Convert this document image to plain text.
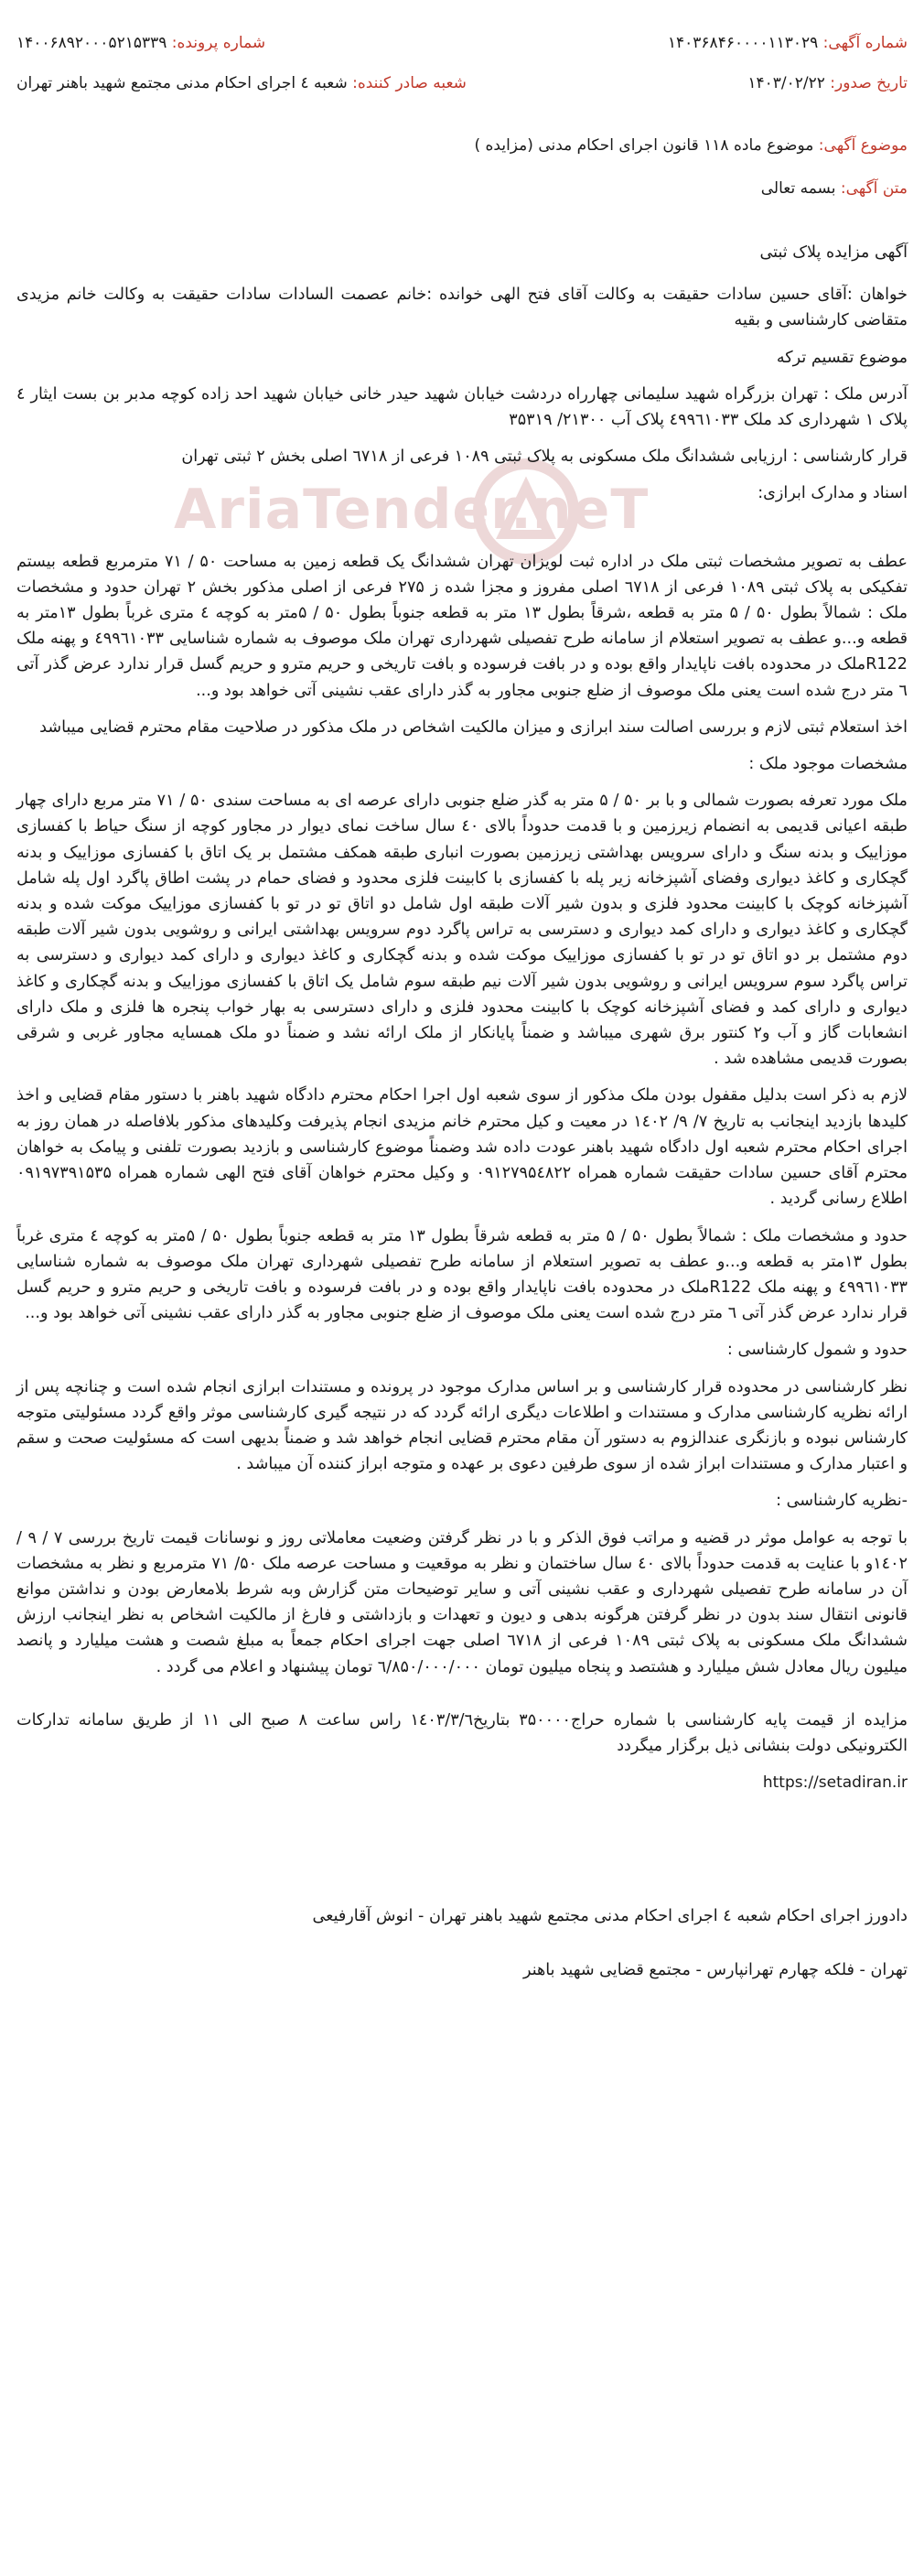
شماره آگهی: ۱۴۰۳۶۸۴۶۰۰۰۰۱۱۳۰۲۹
شماره پرونده: ۱۴۰۰۶۸۹۲۰۰۰۵۲۱۵۳۳۹
تاریخ صدور: ۱۴۰۳/۰۲/۲۲
شعبه صادر کننده: شعبه ٤ اجرای احکام مدنی مجتمع شهید باهنر تهران
موضوع آگهی: موضوع ماده ۱۱۸ قانون اجرای احکام مدنی (مزایده )
متن آگهی: بسمه تعالی
AriaTender.neT

آگهی مزایده پلاک ثبتی

خواهان :آقای حسین سادات حقیقت به وکالت آقای فتح الهی خوانده :خانم عصمت السادات سادات حقیقت به وکالت خانم مزیدی متقاضی کارشناسی و بقیه

موضوع تقسیم ترکه

آدرس ملک : تهران بزرگراه شهید سلیمانی چهارراه دردشت خیابان شهید حیدر خانی خیابان شهید احد زاده کوچه مدبر بن بست ایثار ٤ پلاک ۱ شهرداری کد ملک ٤۹۹٦۱۰۳۳ پلاک آب ۲۱۳۰۰/ ۳۵۳۱۹

قرار کارشناسی : ارزیابی ششدانگ ملک مسکونی به پلاک ثبتی ۱۰۸۹ فرعی از ٦۷۱۸ اصلی بخش ۲ ثبتی تهران

اسناد و مدارک ابرازی:

عطف به تصویر مشخصات ثبتی ملک در اداره ثبت لویزان تهران ششدانگ یک قطعه زمین به مساحت ۵۰ / ۷۱ مترمربع قطعه بیستم تفکیکی به پلاک ثبتی ۱۰۸۹ فرعی از ٦۷۱۸ اصلی مفروز و مجزا شده ز ۲۷۵ فرعی از اصلی مذکور بخش ۲ تهران حدود و مشخصات ملک : شمالاً بطول ۵۰ / ۵ متر به قطعه ،شرقاً بطول ۱۳ متر به قطعه جنوباً بطول ۵۰ / ۵متر به کوچه ٤ متری غرباً بطول ۱۳متر به قطعه و...و عطف به تصویر استعلام از سامانه طرح تفصیلی شهرداری تهران ملک موصوف به شماره شناسایی ٤۹۹٦۱۰۳۳ و پهنه ملک R122ملک در محدوده بافت ناپایدار واقع بوده و در بافت فرسوده و بافت تاریخی و حریم مترو و حریم گسل قرار ندارد عرض گذر آتی ٦ متر درج شده است یعنی ملک موصوف از ضلع جنوبی مجاور به گذر دارای عقب نشینی آتی خواهد بود و...

اخذ استعلام ثبتی لازم و بررسی اصالت سند ابرازی و میزان مالکیت اشخاص در ملک مذکور در صلاحیت مقام محترم قضایی میباشد

مشخصات موجود ملک :

ملک مورد تعرفه بصورت شمالی و با بر ۵۰ / ۵ متر به گذر ضلع جنوبی دارای عرصه ای به مساحت سندی ۵۰ / ۷۱ متر مربع دارای چهار طبقه اعیانی قدیمی به انضمام زیرزمین و با قدمت حدوداً بالای ٤۰ سال ساخت نمای دیوار در مجاور کوچه از سنگ حیاط با کفسازی موزاییک و بدنه سنگ و دارای سرویس بهداشتی زیرزمین بصورت انباری طبقه همکف مشتمل بر یک اتاق با کفسازی موزاییک و بدنه گچکاری و کاغذ دیواری وفضای آشپزخانه زیر پله با کفسازی با کابینت فلزی محدود و فضای حمام در پشت اطاق پاگرد اول پله شامل آشپزخانه کوچک با کابینت محدود فلزی و بدون شیر آلات طبقه اول شامل دو اتاق تو در تو با کفسازی موزاییک موکت شده و بدنه گچکاری و کاغذ دیواری و دارای کمد دیواری و دسترسی به تراس پاگرد دوم سرویس بهداشتی ایرانی و روشویی بدون شیر آلات طبقه دوم مشتمل بر دو اتاق تو در تو با کفسازی موزاییک موکت شده و بدنه گچکاری و کاغذ دیواری و دارای کمد دیواری و دسترسی به تراس پاگرد سوم سرویس ایرانی و روشویی بدون شیر آلات نیم طبقه سوم شامل یک اتاق با کفسازی موزاییک و بدنه گچکاری و کاغذ دیواری و دارای کمد و فضای آشپزخانه کوچک با کابینت محدود فلزی و دارای دسترسی به بهار خواب پنجره ها فلزی و ملک دارای انشعابات گاز و آب و۲ کنتور برق شهری میباشد و ضمناً پایانکار از ملک ارائه نشد و ضمناً دو ملک همسایه مجاور غربی و شرقی بصورت قدیمی مشاهده شد .

لازم به ذکر است بدلیل مقفول بودن ملک مذکور از سوی شعبه اول اجرا احکام محترم دادگاه شهید باهنر با دستور مقام قضایی و اخذ کلیدها بازدید اینجانب به تاریخ ۷/ ۹/ ۱٤۰۲ در معیت و کیل محترم خانم مزیدی انجام پذیرفت وکلیدهای مذکور بلافاصله در همان روز به اجرای احکام محترم شعبه اول دادگاه شهید باهنر عودت داده شد وضمناً موضوع کارشناسی و بازدید بصورت تلفنی و پیامک به خواهان محترم آقای حسین سادات حقیقت شماره همراه ۰۹۱۲۷۹۵٤۸۲۲ و وکیل محترم خواهان آقای فتح الهی شماره همراه ۰۹۱۹۷۳۹۱۵۳۵ اطلاع رسانی گردید .

حدود و مشخصات ملک : شمالاً بطول ۵۰ / ۵ متر به قطعه شرقاً بطول ۱۳ متر به قطعه جنوباً بطول ۵۰ / ۵متر به کوچه ٤ متری غرباً بطول ۱۳متر به قطعه و...و عطف به تصویر استعلام از سامانه طرح تفصیلی شهرداری تهران ملک موصوف به شماره شناسایی ٤۹۹٦۱۰۳۳ و پهنه ملک R122ملک در محدوده بافت ناپایدار واقع بوده و در بافت فرسوده و بافت تاریخی و حریم مترو و حریم گسل قرار ندارد عرض گذر آتی ٦ متر درج شده است یعنی ملک موصوف از ضلع جنوبی مجاور به گذر دارای عقب نشینی آتی خواهد بود و...

حدود و شمول کارشناسی :

نظر کارشناسی در محدوده قرار کارشناسی و بر اساس مدارک موجود در پرونده و مستندات ابرازی انجام شده است و چنانچه پس از ارائه نظریه کارشناسی مدارک و مستندات و اطلاعات دیگری ارائه گردد که در نتیجه گیری کارشناسی موثر واقع گردد مسئولیتی متوجه کارشناس نبوده و بازنگری عندالزوم به دستور آن مقام محترم قضایی انجام خواهد شد و ضمناً بدیهی است که مسئولیت صحت و سقم و اعتبار مدارک و مستندات ابراز شده از سوی طرفین دعوی بر عهده و متوجه ابراز کننده آن میباشد .

-نظریه کارشناسی :

با توجه به عوامل موثر در قضیه و مراتب فوق الذکر و با در نظر گرفتن وضعیت معاملاتی روز و نوسانات قیمت تاریخ بررسی ۷ / ۹ / ۱٤۰۲و با عنایت به قدمت حدوداً بالای ٤۰ سال ساختمان و نظر به موقعیت و مساحت عرصه ملک ۵۰/ ۷۱ مترمربع و نظر به مشخصات آن در سامانه طرح تفصیلی شهرداری و عقب نشینی آتی و سایر توضیحات متن گزارش وبه شرط بلامعارض بودن و نداشتن موانع قانونی انتقال سند بدون در نظر گرفتن هرگونه بدهی و دیون و تعهدات و بازداشتی و فارغ از مالکیت اشخاص به نظر اینجانب ارزش ششدانگ ملک مسکونی به پلاک ثبتی ۱۰۸۹ فرعی از ٦۷۱۸ اصلی جهت اجرای احکام جمعاً به مبلغ شصت و هشت میلیارد و پانصد میلیون ریال معادل شش میلیارد و هشتصد و پنجاه میلیون تومان ٦/۸۵۰/۰۰۰/۰۰۰ تومان پیشنهاد و اعلام می گردد .

مزایده از قیمت پایه کارشناسی با شماره حراج۳۵۰۰۰۰ بتاریخ۱٤۰۳/۳/٦ راس ساعت ۸ صبح الی ۱۱ از طریق سامانه تدارکات الکترونیکی دولت بنشانی ذیل برگزار میگردد

https://setadiran.ir

دادورز اجرای احکام شعبه ٤ اجرای احکام مدنی مجتمع شهید باهنر تهران - انوش آقارفیعی

تهران - فلکه چهارم تهرانپارس - مجتمع قضایی شهید باهنر
